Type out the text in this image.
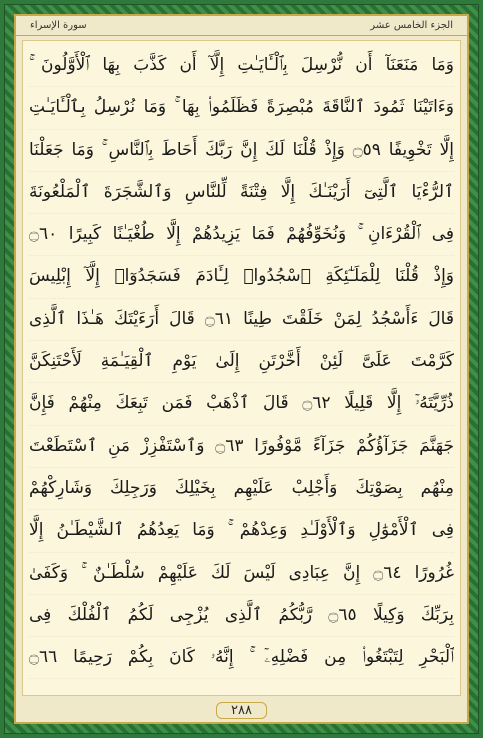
سورة الإسراء	الجزء الخامس عشر
وَمَا مَنَعَنَآ أَن نُّرْسِلَ بِٱلْـَٔايَـٰتِ إِلَّآ أَن كَذَّبَ بِهَا ٱلْأَوَّلُونَ ۚ
وَءَاتَيْنَا ثَمُودَ ٱلنَّاقَةَ مُبْصِرَةً فَظَلَمُوا۟ بِهَا ۚ وَمَا نُرْسِلُ بِٱلْـَٔايَـٰتِ
إِلَّا تَخْوِيفًا ۝٥٩ وَإِذْ قُلْنَا لَكَ إِنَّ رَبَّكَ أَحَاطَ بِٱلنَّاسِ ۚ وَمَا جَعَلْنَا
ٱلرُّءْيَا ٱلَّتِىٓ أَرَيْنَـٰكَ إِلَّا فِتْنَةً لِّلنَّاسِ وَٱلشَّجَرَةَ ٱلْمَلْعُونَةَ
فِى ٱلْقُرْءَانِ ۚ وَنُخَوِّفُهُمْ فَمَا يَزِيدُهُمْ إِلَّا طُغْيَـٰنًا كَبِيرًا ۝٦٠
وَإِذْ قُلْنَا لِلْمَلَـٰٓئِكَةِ ٱسْجُدُوا۟ لِـَٔادَمَ فَسَجَدُوٓا۟ إِلَّآ إِبْلِيسَ
قَالَ ءَأَسْجُدُ لِمَنْ خَلَقْتَ طِينًا ۝٦١ قَالَ أَرَءَيْتَكَ هَـٰذَا ٱلَّذِى
كَرَّمْتَ عَلَىَّ لَئِنْ أَخَّرْتَنِ إِلَىٰ يَوْمِ ٱلْقِيَـٰمَةِ لَأَحْتَنِكَنَّ
ذُرِّيَّتَهُۥٓ إِلَّا قَلِيلًا ۝٦٢ قَالَ ٱذْهَبْ فَمَن تَبِعَكَ مِنْهُمْ فَإِنَّ
جَهَنَّمَ جَزَآؤُكُمْ جَزَآءً مَّوْفُورًا ۝٦٣ وَٱسْتَفْزِزْ مَنِ ٱسْتَطَعْتَ
مِنْهُم بِصَوْتِكَ وَأَجْلِبْ عَلَيْهِم بِخَيْلِكَ وَرَجِلِكَ وَشَارِكْهُمْ
فِى ٱلْأَمْوَٰلِ وَٱلْأَوْلَـٰدِ وَعِدْهُمْ ۚ وَمَا يَعِدُهُمُ ٱلشَّيْطَـٰنُ إِلَّا
غُرُورًا ۝٦٤ إِنَّ عِبَادِى لَيْسَ لَكَ عَلَيْهِمْ سُلْطَـٰنٌ ۚ وَكَفَىٰ
بِرَبِّكَ وَكِيلًا ۝٦٥ رَّبُّكُمُ ٱلَّذِى يُزْجِى لَكُمُ ٱلْفُلْكَ فِى
ٱلْبَحْرِ لِتَبْتَغُوا۟ مِن فَضْلِهِۦٓ ۚ إِنَّهُۥ كَانَ بِكُمْ رَحِيمًا ۝٦٦
٢٨٨
